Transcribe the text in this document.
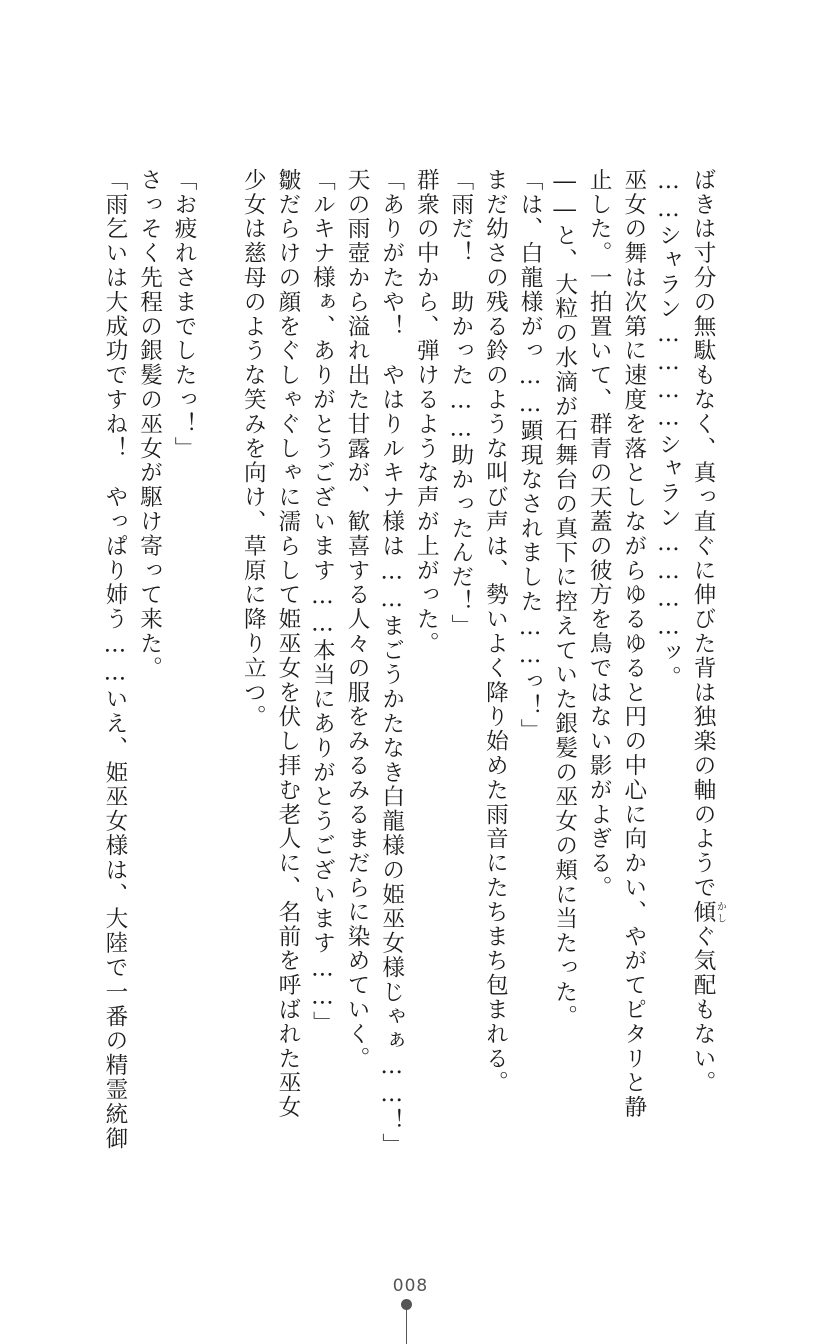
ばきは寸分の無駄もなく、真っ直ぐに伸びた背は独楽の軸のようで傾かしぐ気配もない。
……シャラン…………シャラン…………ッ。
巫女の舞は次第に速度を落としながらゆるゆると円の中心に向かい、やがてピタリと静
止した。一拍置いて、群青の天蓋の彼方を鳥ではない影がよぎる。
――と、大粒の水滴が石舞台の真下に控えていた銀髪の巫女の頬に当たった。
「は、白龍様がっ……顕現なされました……っ！」
まだ幼さの残る鈴のような叫び声は、勢いよく降り始めた雨音にたちまち包まれる。
「雨だ！　助かった……助かったんだ！」
群衆の中から、弾けるような声が上がった。
「ありがたや！　やはりルキナ様は……まごうかたなき白龍様の姫巫女様じゃぁ……！」
天の雨壺から溢れ出た甘露が、歓喜する人々の服をみるみるまだらに染めていく。
「ルキナ様ぁ、ありがとうございます……本当にありがとうございます……」
皺だらけの顔をぐしゃぐしゃに濡らして姫巫女を伏し拝む老人に、名前を呼ばれた巫女
少女は慈母のような笑みを向け、草原に降り立つ。
「お疲れさまでしたっ！」
さっそく先程の銀髪の巫女が駆け寄って来た。
「雨乞いは大成功ですね！　やっぱり姉う……いえ、姫巫女様は、大陸で一番の精霊統御
008
